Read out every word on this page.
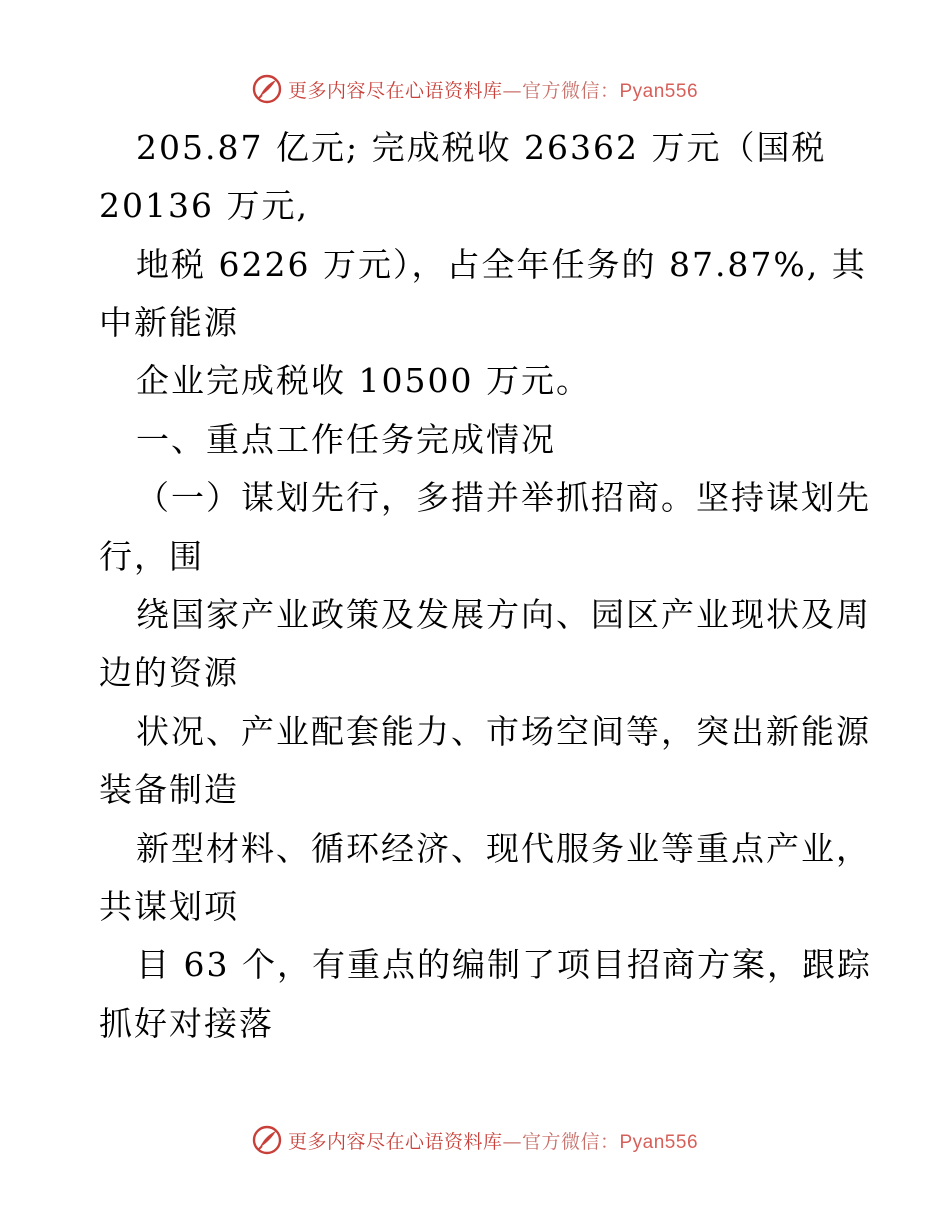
更多内容尽在心语资料库—官方微信：Pyan556

205.87 亿元; 完成税收 26362 万元（国税

20136 万元,

地税 6226 万元），占全年任务的 87.87%, 其

中新能源

企业完成税收 10500 万元。

一、重点工作任务完成情况

（一）谋划先行，多措并举抓招商。坚持谋划先

行，围

绕国家产业政策及发展方向、园区产业现状及周

边的资源

状况、产业配套能力、市场空间等，突出新能源

装备制造

新型材料、循环经济、现代服务业等重点产业，

共谋划项

目 63 个，有重点的编制了项目招商方案，跟踪

抓好对接落

更多内容尽在心语资料库—官方微信：Pyan556
